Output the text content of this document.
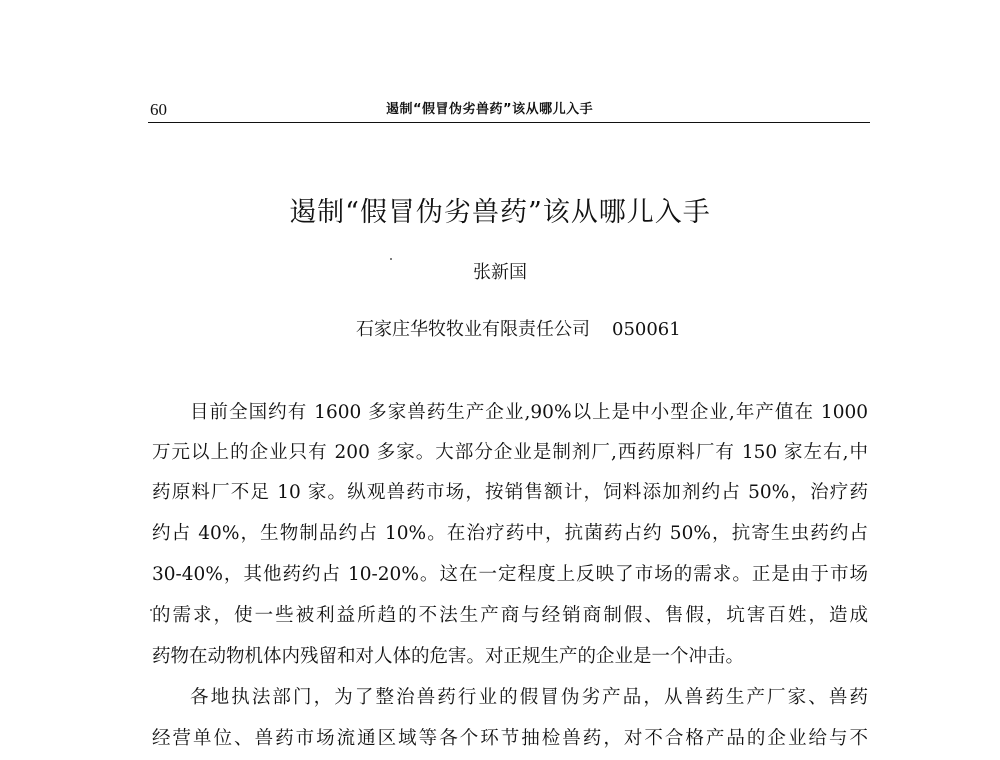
60	遏制“假冒伪劣兽药”该从哪儿入手
遏制“假冒伪劣兽药”该从哪儿入手
张新国
石家庄华牧牧业有限责任公司 050061
目前全国约有 1600 多家兽药生产企业,90%以上是中小型企业,年产值在 1000
万元以上的企业只有 200 多家。大部分企业是制剂厂,西药原料厂有 150 家左右,中
药原料厂不足 10 家。纵观兽药市场，按销售额计，饲料添加剂约占 50%，治疗药
约占 40%，生物制品约占 10%。在治疗药中，抗菌药占约 50%，抗寄生虫药约占
30-40%，其他药约占 10-20%。这在一定程度上反映了市场的需求。正是由于市场
的需求，使一些被利益所趋的不法生产商与经销商制假、售假，坑害百姓，造成
药物在动物机体内残留和对人体的危害。对正规生产的企业是一个冲击。
各地执法部门，为了整治兽药行业的假冒伪劣产品，从兽药生产厂家、兽药
经营单位、兽药市场流通区域等各个环节抽检兽药，对不合格产品的企业给与不
